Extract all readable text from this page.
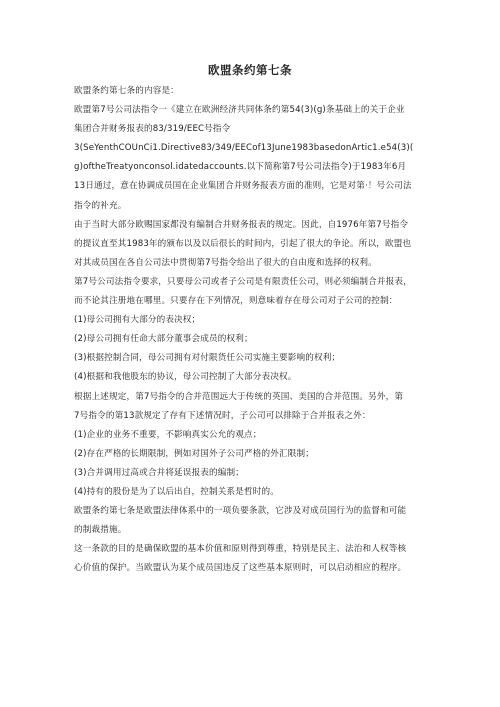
欧盟条约第七条

欧盟条约第七条的内容是：

欧盟第7号公司法指令一《建立在欧洲经济共同体条约第54(3)(g)条基础上的关于企业

集团合并财务报表的83/319/EEC号指令

3(SeYenthCOUnCi1.Directive83/349/EECof13June1983basedonArtic1.e54(3)(

g)oftheTreatyonconsol.idatedaccounts.以下简称第7号公司法指令)于1983年6月

13日通过，意在协调成员国在企业集团合并财务报表方面的准则，它是对第·！号公司法

指令的补充。

由于当时大部分欧赐国家都没有编制合并财务报表的规定。因此，自1976年第7号指令

的提议直至其1983年的颁布以及以后很长的时间内，引起了很大的争论。所以，欧盟也

对其成员国在各自公司法中贯彻第7号指令给出了很大的自由度和选择的权利。

第7号公司法指令要求，只要母公司或者子公司是有限责任公司，则必须编制合并报表，

而不论其注册地在哪里。只要存在下列情况，则意味着存在母公司对子公司的控制：

(1)母公司拥有大部分的表决权；

(2)母公司拥有任命大部分董事会成员的权利；

(3)根据控制合同，母公司拥有对付限货任公司实施主要影响的权利；

(4)根据和我他股东的协议，母公司控制了大部分表决权。

根据上述规定，第7号指令的合并范围远大于传统的英国、美国的合并范围。另外，第

7号指令的第13款规定了存有下述情况时，子公司可以排除于合并报表之外：

(1)企业的业务不重要，不影响真实公允的观点；

(2)存在严格的长期限制，例如对国外子公司严格的外汇限制；

(3)合并调用过高或合并将延误报表的编制；

(4)持有的股份是为了以后出自，控制关系是哲时的。

欧盟条约第七条是欧盟法律体系中的一项负要条款，它涉及对成员国行为的监督和可能

的制裁措施。

这一条款的目的是确保欧盟的基本价值和原则得到尊重，特别是民主、法治和人权等核

心价值的保护。当欧盟认为某个成员国违反了这些基本原则时，可以启动相应的程序。
